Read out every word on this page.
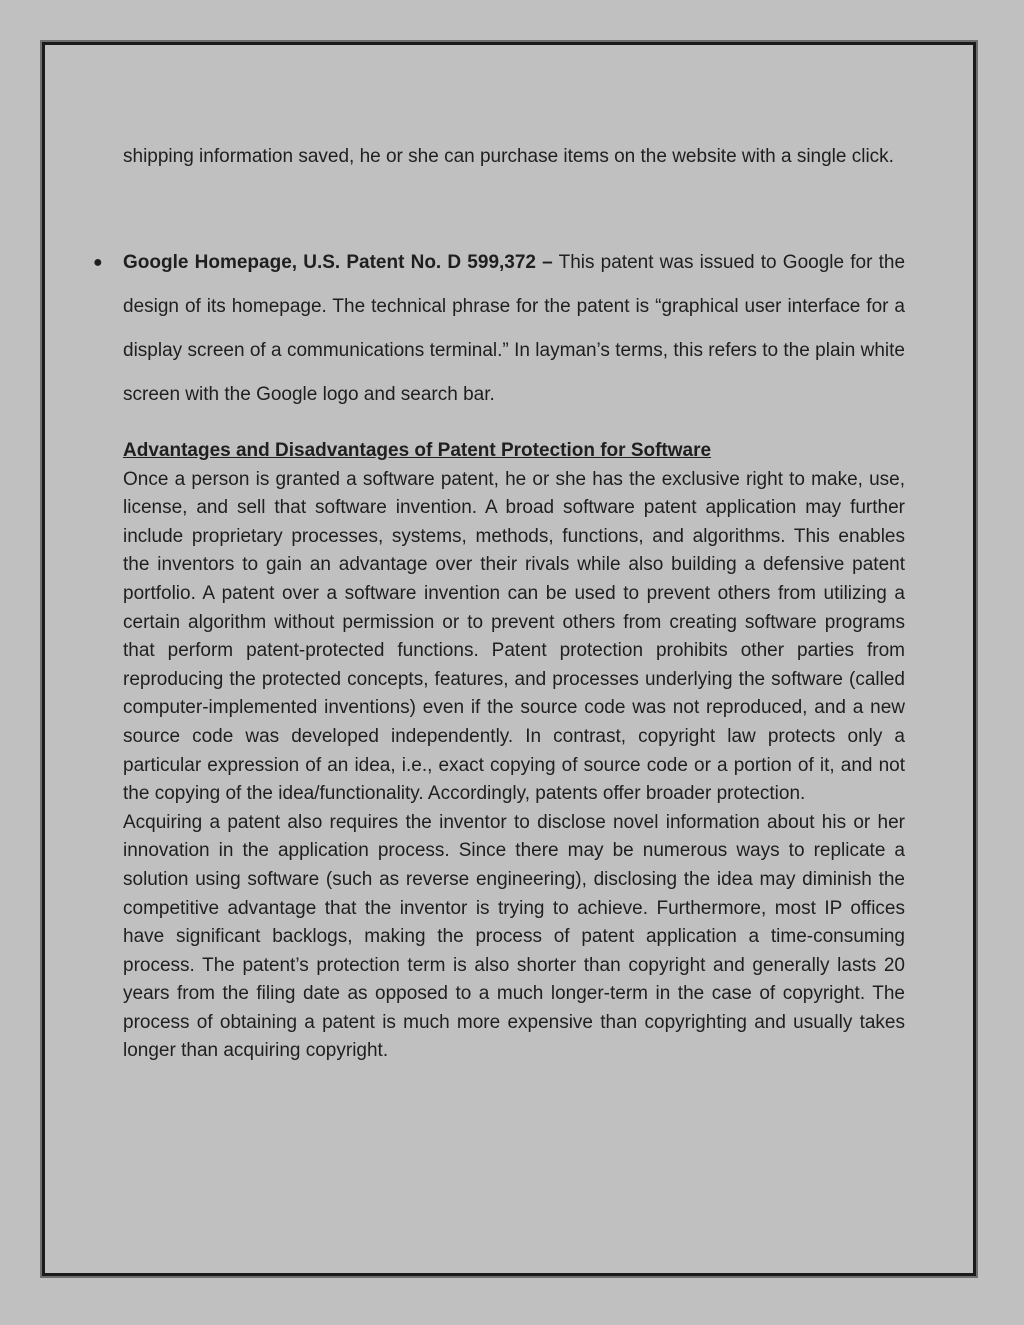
shipping information saved, he or she can purchase items on the website with a single click.

● Google Homepage, U.S. Patent No. D 599,372 – This patent was issued to Google for the design of its homepage. The technical phrase for the patent is “graphical user interface for a display screen of a communications terminal.” In layman’s terms, this refers to the plain white screen with the Google logo and search bar.

Advantages and Disadvantages of Patent Protection for Software

Once a person is granted a software patent, he or she has the exclusive right to make, use, license, and sell that software invention. A broad software patent application may further include proprietary processes, systems, methods, functions, and algorithms. This enables the inventors to gain an advantage over their rivals while also building a defensive patent portfolio. A patent over a software invention can be used to prevent others from utilizing a certain algorithm without permission or to prevent others from creating software programs that perform patent-protected functions. Patent protection prohibits other parties from reproducing the protected concepts, features, and processes underlying the software (called computer-implemented inventions) even if the source code was not reproduced, and a new source code was developed independently. In contrast, copyright law protects only a particular expression of an idea, i.e., exact copying of source code or a portion of it, and not the copying of the idea/functionality. Accordingly, patents offer broader protection.

Acquiring a patent also requires the inventor to disclose novel information about his or her innovation in the application process. Since there may be numerous ways to replicate a solution using software (such as reverse engineering), disclosing the idea may diminish the competitive advantage that the inventor is trying to achieve. Furthermore, most IP offices have significant backlogs, making the process of patent application a time-consuming process. The patent’s protection term is also shorter than copyright and generally lasts 20 years from the filing date as opposed to a much longer-term in the case of copyright. The process of obtaining a patent is much more expensive than copyrighting and usually takes longer than acquiring copyright.
